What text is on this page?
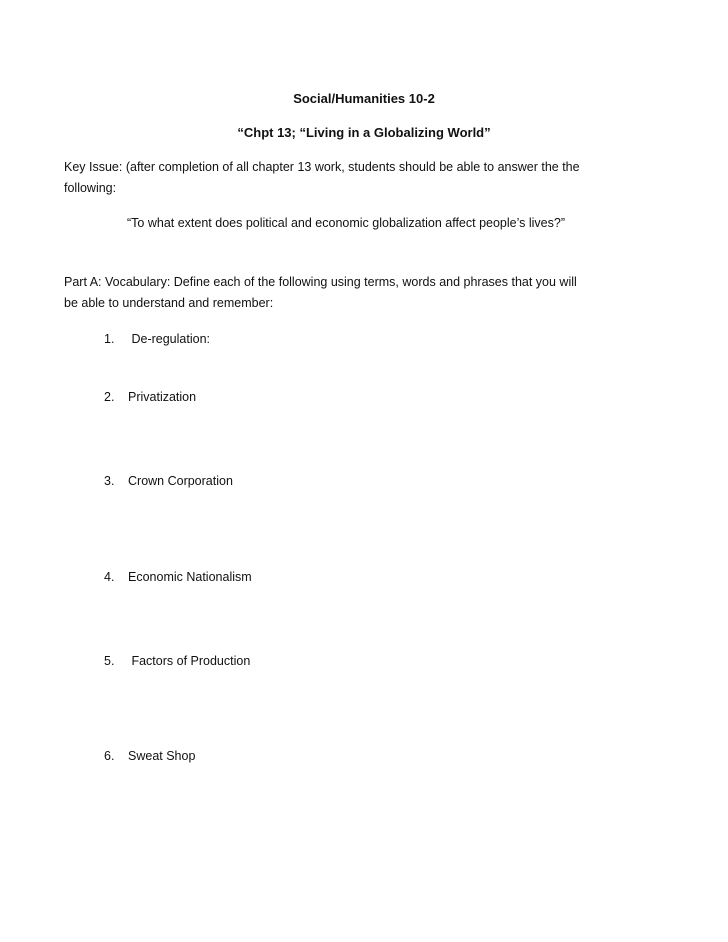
Social/Humanities 10-2
“Chpt 13; “Living in a Globalizing World”
Key Issue: (after completion of all chapter 13 work, students should be able to answer the the
following:
“To what extent does political and economic globalization affect people’s lives?”
Part A: Vocabulary: Define each of the following using terms, words and phrases that you will
be able to understand and remember:
1. De-regulation:
2. Privatization
3. Crown Corporation
4. Economic Nationalism
5. Factors of Production
6. Sweat Shop
